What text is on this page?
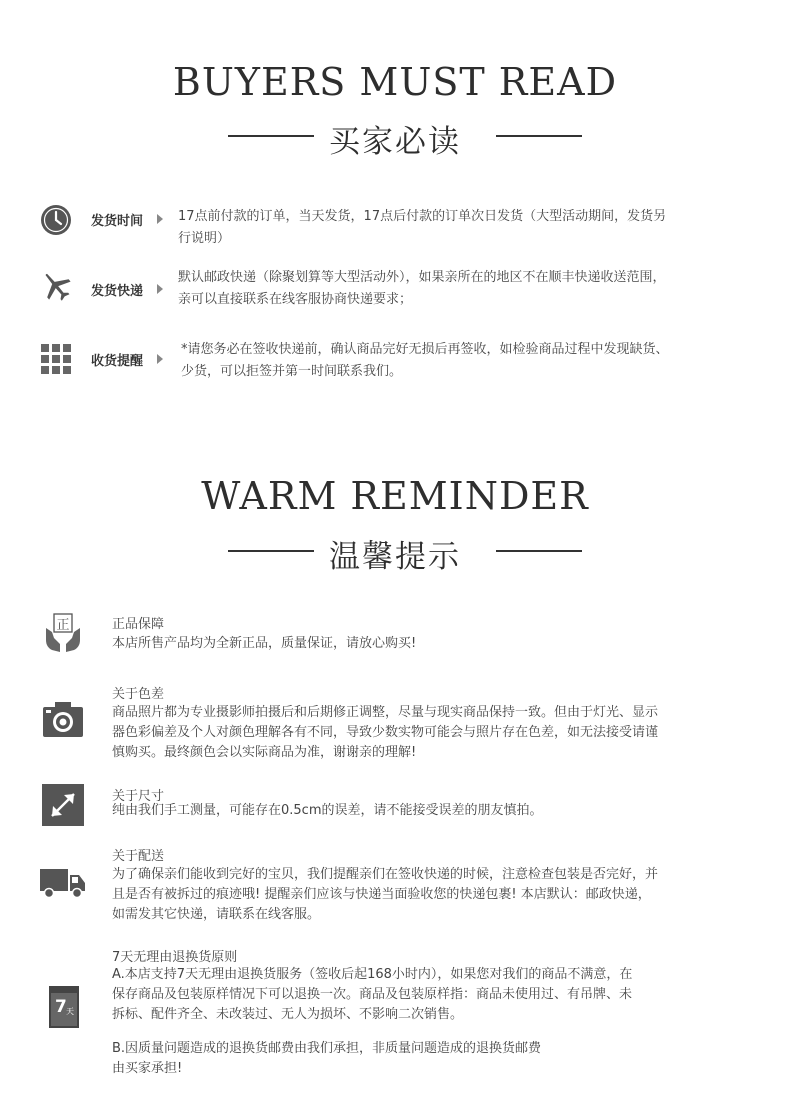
BUYERS MUST READ
买家必读
发货时间	17点前付款的订单，当天发货，17点后付款的订单次日发货（大型活动期间，发货另
行说明）
发货快递
默认邮政快递（除聚划算等大型活动外），如果亲所在的地区不在顺丰快递收送范围，
亲可以直接联系在线客服协商快递要求；
收货提醒
*请您务必在签收快递前，确认商品完好无损后再签收，如检验商品过程中发现缺货、
少货，可以拒签并第一时间联系我们。
WARM REMINDER
温馨提示
正	正品保障
本店所售产品均为全新正品，质量保证，请放心购买!
关于色差
商品照片都为专业摄影师拍摄后和后期修正调整，尽量与现实商品保持一致。但由于灯光、显示
器色彩偏差及个人对颜色理解各有不同，导致少数实物可能会与照片存在色差，如无法接受请谨
慎购买。最终颜色会以实际商品为准，谢谢亲的理解!
关于尺寸
纯由我们手工测量，可能存在0.5cm的误差，请不能接受误差的朋友慎拍。
关于配送
为了确保亲们能收到完好的宝贝，我们提醒亲们在签收快递的时候，注意检查包装是否完好，并
且是否有被拆过的痕迹哦! 提醒亲们应该与快递当面验收您的快递包裹! 本店默认：邮政快递，
如需发其它快递，请联系在线客服。
7 天
7天无理由退换货原则
A.本店支持7天无理由退换货服务（签收后起168小时内），如果您对我们的商品不满意，在
保存商品及包装原样情况下可以退换一次。商品及包装原样指：商品未使用过、有吊牌、未
拆标、配件齐全、未改装过、无人为损坏、不影响二次销售。
B.因质量问题造成的退换货邮费由我们承担，非质量问题造成的退换货邮费
由买家承担!
